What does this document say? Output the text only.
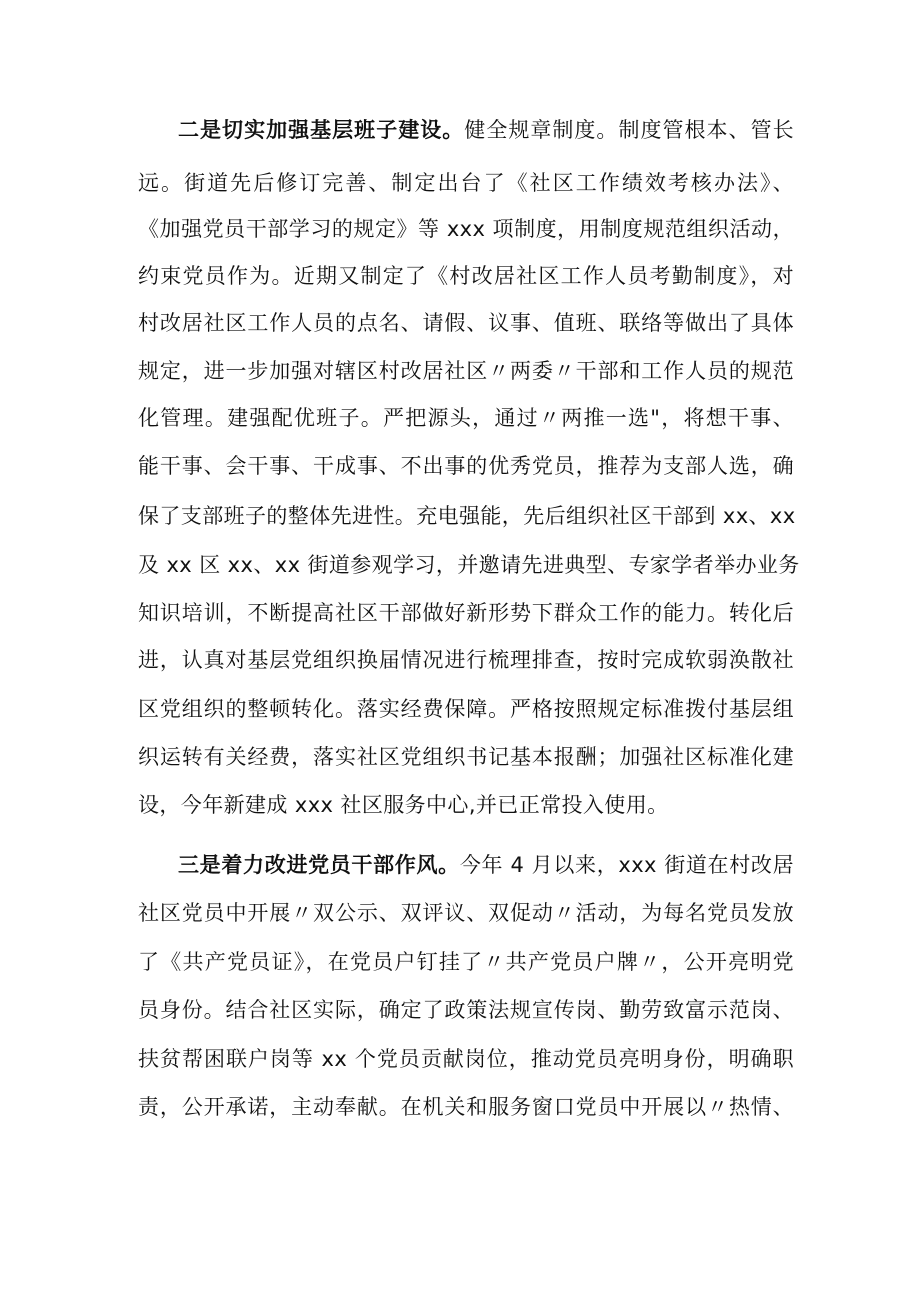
二是切实加强基层班子建设。健全规章制度。制度管根本、管长
远。街道先后修订完善、制定出台了《社区工作绩效考核办法》、
《加强党员干部学习的规定》等 xxx 项制度，用制度规范组织活动，
约束党员作为。近期又制定了《村改居社区工作人员考勤制度》，对
村改居社区工作人员的点名、请假、议事、值班、联络等做出了具体
规定，进一步加强对辖区村改居社区〃两委〃干部和工作人员的规范
化管理。建强配优班子。严把源头，通过〃两推一选"，将想干事、
能干事、会干事、干成事、不出事的优秀党员，推荐为支部人选，确
保了支部班子的整体先进性。充电强能，先后组织社区干部到 xx、xx
及 xx 区 xx、xx 街道参观学习，并邀请先进典型、专家学者举办业务
知识培训，不断提高社区干部做好新形势下群众工作的能力。转化后
进，认真对基层党组织换届情况进行梳理排查，按时完成软弱涣散社
区党组织的整顿转化。落实经费保障。严格按照规定标准拨付基层组
织运转有关经费，落实社区党组织书记基本报酬；加强社区标准化建
设，今年新建成 xxx 社区服务中心,并已正常投入使用。
三是着力改进党员干部作风。今年 4 月以来，xxx 街道在村改居
社区党员中开展〃双公示、双评议、双促动〃活动，为每名党员发放
了《共产党员证》，在党员户钉挂了〃共产党员户牌〃，公开亮明党
员身份。结合社区实际，确定了政策法规宣传岗、勤劳致富示范岗、
扶贫帮困联户岗等 xx 个党员贡献岗位，推动党员亮明身份，明确职
责，公开承诺，主动奉献。在机关和服务窗口党员中开展以〃热情、
